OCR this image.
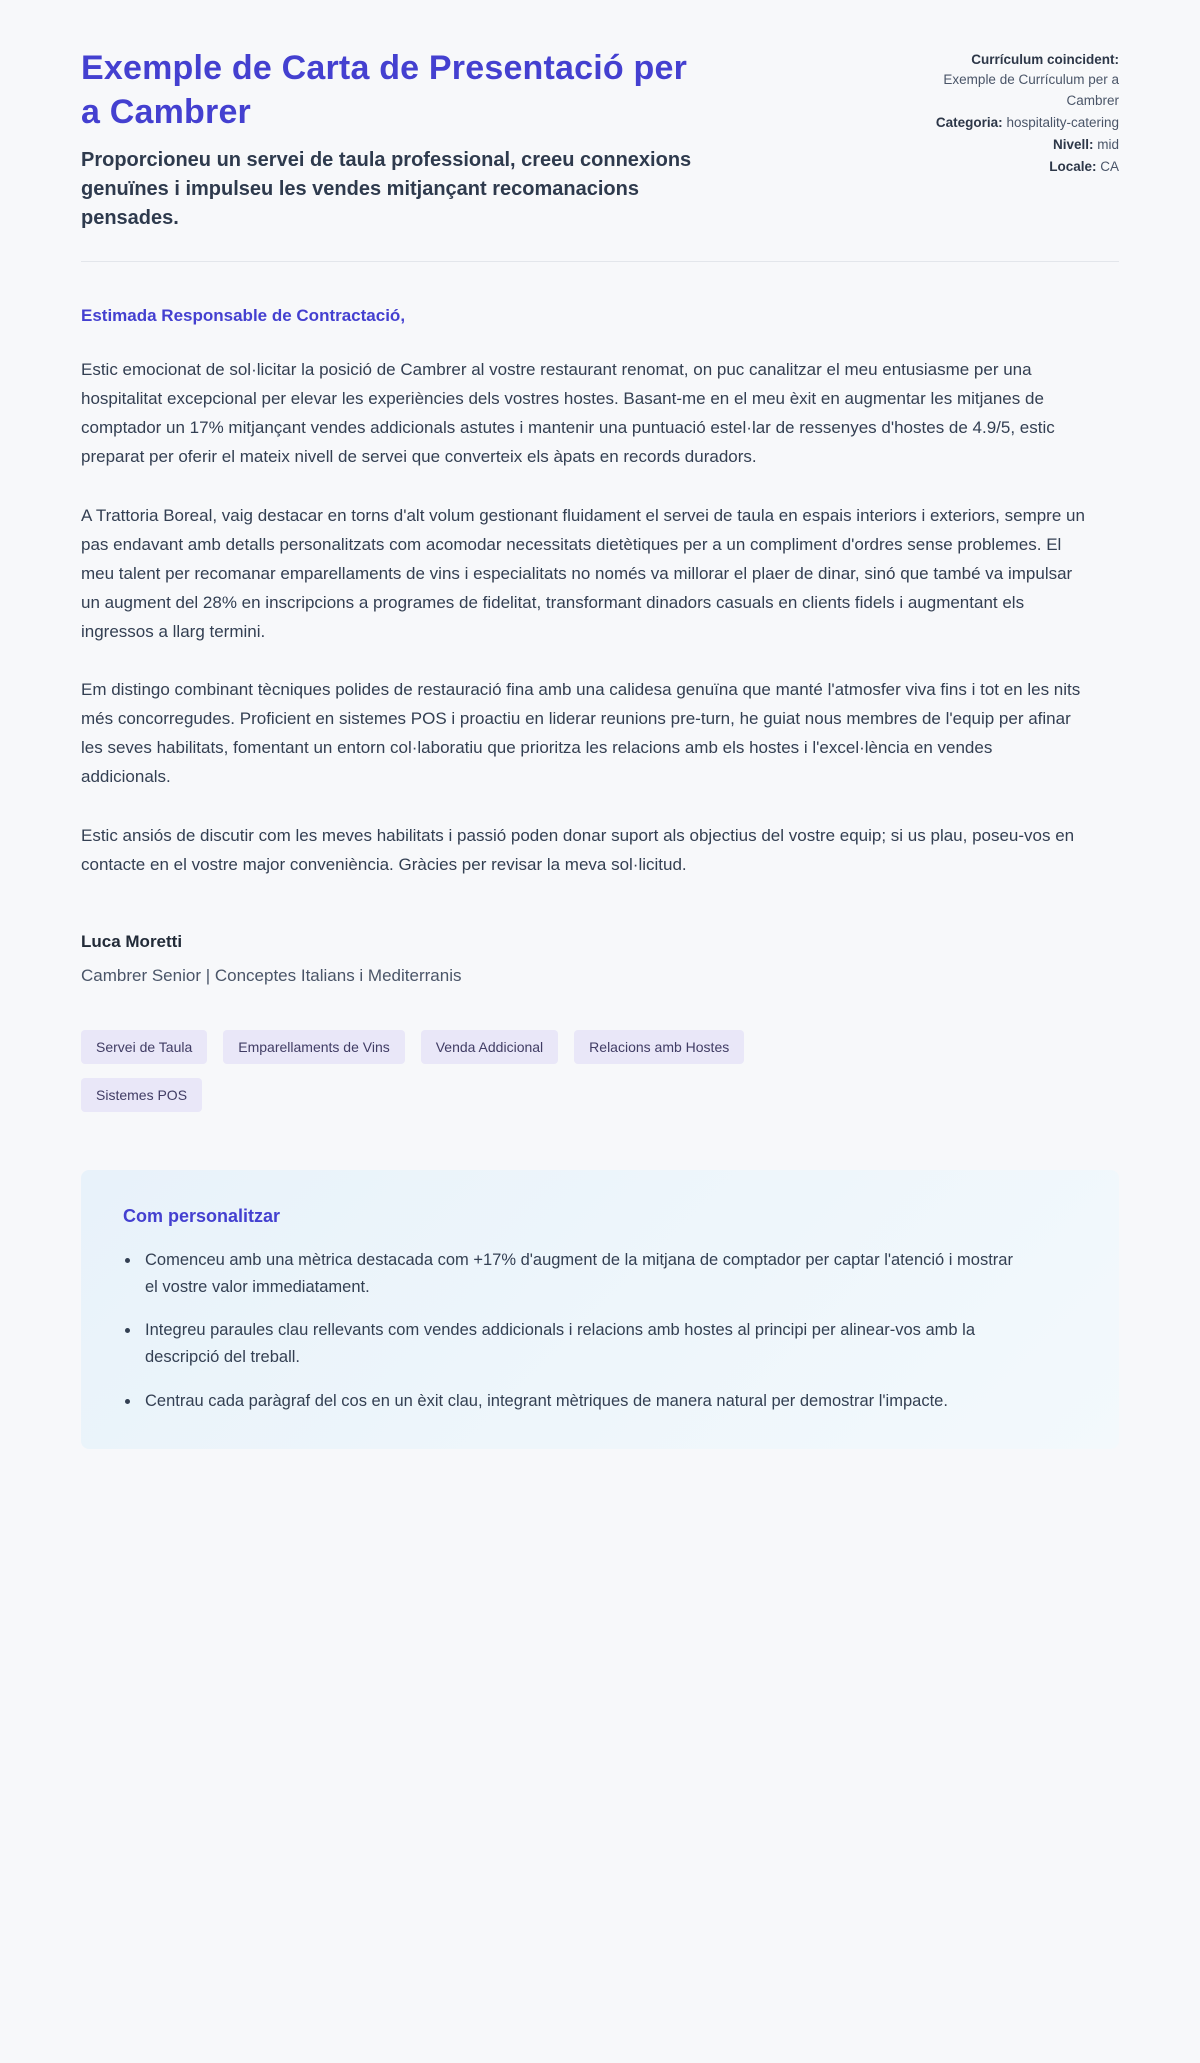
Exemple de Carta de Presentació per a Cambrer
Proporcioneu un servei de taula professional, creeu connexions genuïnes i impulseu les vendes mitjançant recomanacions pensades.
Currículum coincident: Exemple de Currículum per a Cambrer
Categoria: hospitality-catering
Nivell: mid
Locale: CA

Estimada Responsable de Contractació,

Estic emocionat de sol·licitar la posició de Cambrer al vostre restaurant renomat, on puc canalitzar el meu entusiasme per una hospitalitat excepcional per elevar les experiències dels vostres hostes. Basant-me en el meu èxit en augmentar les mitjanes de comptador un 17% mitjançant vendes addicionals astutes i mantenir una puntuació estel·lar de ressenyes d'hostes de 4.9/5, estic preparat per oferir el mateix nivell de servei que converteix els àpats en records duradors.

A Trattoria Boreal, vaig destacar en torns d'alt volum gestionant fluidament el servei de taula en espais interiors i exteriors, sempre un pas endavant amb detalls personalitzats com acomodar necessitats dietètiques per a un compliment d'ordres sense problemes. El meu talent per recomanar emparellaments de vins i especialitats no només va millorar el plaer de dinar, sinó que també va impulsar un augment del 28% en inscripcions a programes de fidelitat, transformant dinadors casuals en clients fidels i augmentant els ingressos a llarg termini.

Em distingo combinant tècniques polides de restauració fina amb una calidesa genuïna que manté l'atmosfer viva fins i tot en les nits més concorregudes. Proficient en sistemes POS i proactiu en liderar reunions pre-turn, he guiat nous membres de l'equip per afinar les seves habilitats, fomentant un entorn col·laboratiu que prioritza les relacions amb els hostes i l'excel·lència en vendes addicionals.

Estic ansiós de discutir com les meves habilitats i passió poden donar suport als objectius del vostre equip; si us plau, poseu-vos en contacte en el vostre major conveniència. Gràcies per revisar la meva sol·licitud.

Luca Moretti

Cambrer Senior | Conceptes Italians i Mediterranis

Servei de Taula	Emparellaments de Vins	Venda Addicional	Relacions amb Hostes
Sistemes POS
Com personalitzar
• Comenceu amb una mètrica destacada com +17% d'augment de la mitjana de comptador per captar l'atenció i mostrar el vostre valor immediatament.
• Integreu paraules clau rellevants com vendes addicionals i relacions amb hostes al principi per alinear-vos amb la descripció del treball.
• Centrau cada paràgraf del cos en un èxit clau, integrant mètriques de manera natural per demostrar l'impacte.
